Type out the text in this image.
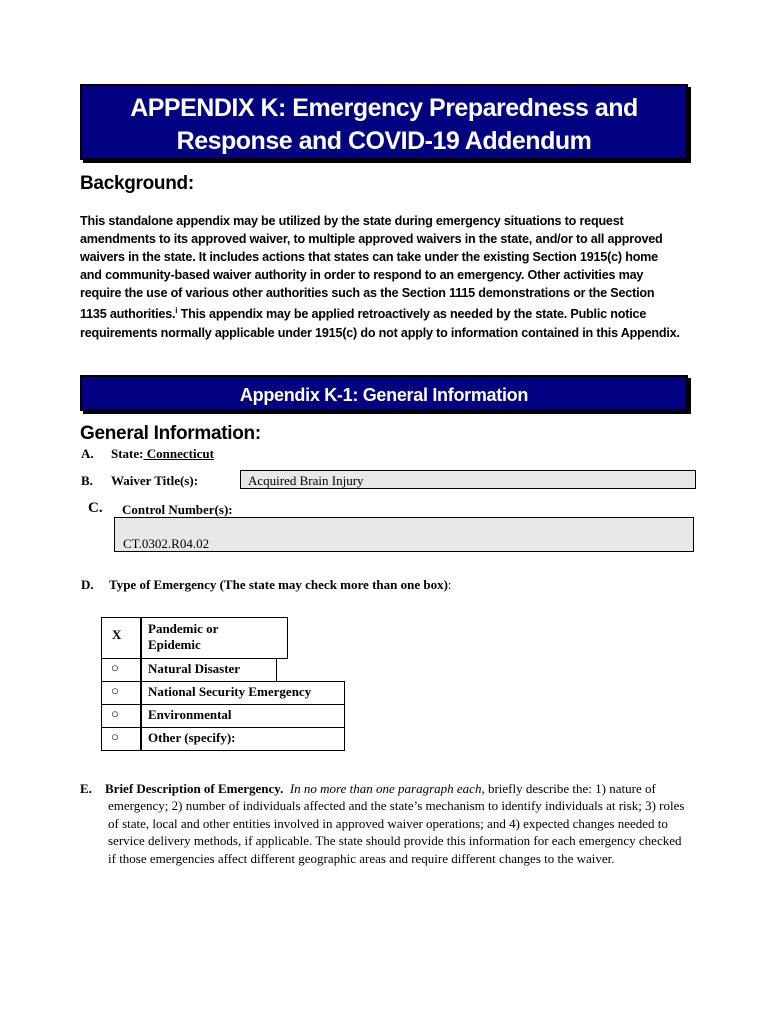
APPENDIX K: Emergency Preparedness and
Response and COVID-19 Addendum
Background:
This standalone appendix may be utilized by the state during emergency situations to request amendments to its approved waiver, to multiple approved waivers in the state, and/or to all approved waivers in the state. It includes actions that states can take under the existing Section 1915(c) home and community-based waiver authority in order to respond to an emergency. Other activities may require the use of various other authorities such as the Section 1115 demonstrations or the Section 1135 authorities.$^i$ This appendix may be applied retroactively as needed by the state. Public notice requirements normally applicable under 1915(c) do not apply to information contained in this Appendix.
Appendix K-1: General Information
General Information:
A. State: Connecticut
B. Waiver Title(s):	Acquired Brain Injury
C. Control Number(s):
CT.0302.R04.02
D. Type of Emergency (The state may check more than one box):
X	Pandemic or
Epidemic
○	Natural Disaster
○	National Security Emergency
○	Environmental
○	Other (specify):
E. Brief Description of Emergency. In no more than one paragraph each, briefly describe the: 1) nature of emergency; 2) number of individuals affected and the state’s mechanism to identify individuals at risk; 3) roles of state, local and other entities involved in approved waiver operations; and 4) expected changes needed to service delivery methods, if applicable. The state should provide this information for each emergency checked if those emergencies affect different geographic areas and require different changes to the waiver.
